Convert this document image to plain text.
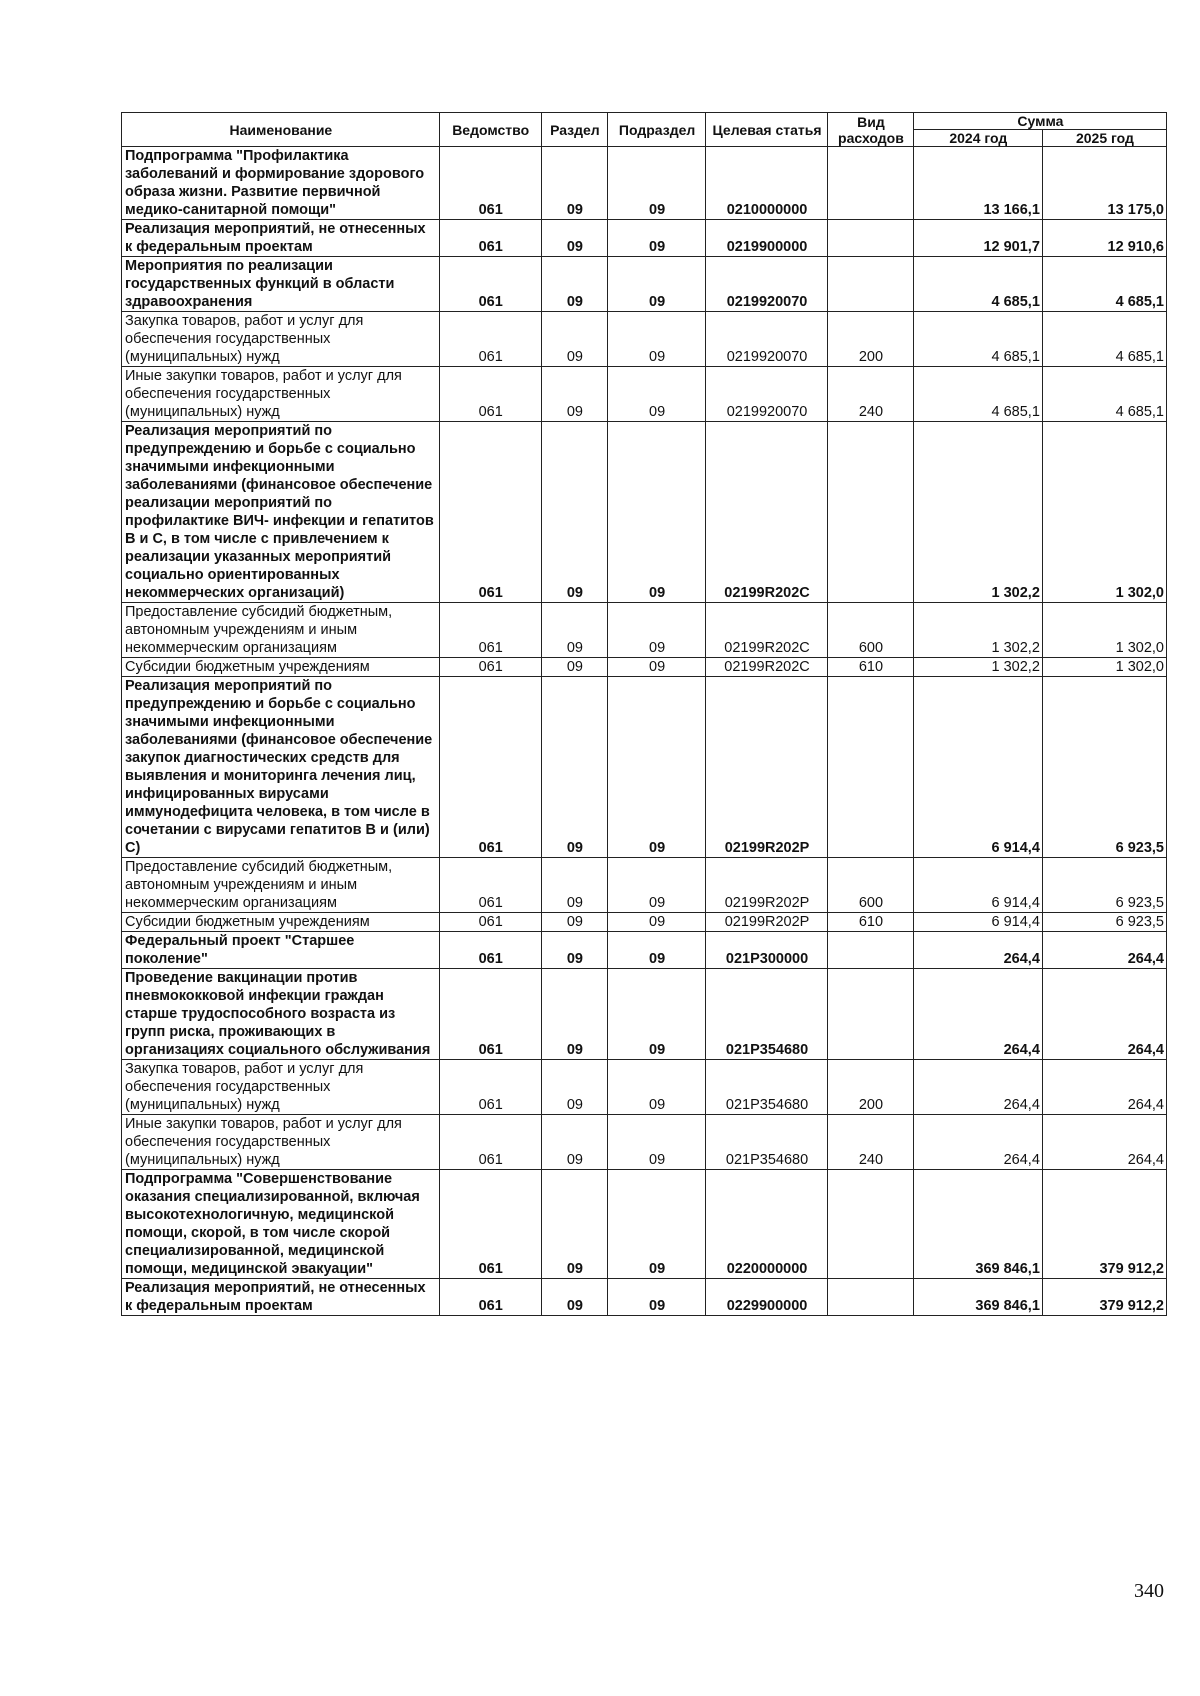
Наименование	Ведомство	Раздел	Подраздел	Целевая статья	Вид расходов	Сумма	
						2024 год	2025 год
Подпрограмма "Профилактика заболеваний и формирование здорового образа жизни. Развитие первичной медико-санитарной помощи"	061	09	09	0210000000		13 166,1	13 175,0
Реализация мероприятий, не отнесенных к федеральным проектам	061	09	09	0219900000		12 901,7	12 910,6
Мероприятия по реализации государственных функций в области здравоохранения	061	09	09	0219920070		4 685,1	4 685,1
Закупка товаров, работ и услуг для обеспечения государственных (муниципальных) нужд	061	09	09	0219920070	200	4 685,1	4 685,1
Иные закупки товаров, работ и услуг для обеспечения государственных (муниципальных) нужд	061	09	09	0219920070	240	4 685,1	4 685,1
Реализация мероприятий по предупреждению и борьбе с социально значимыми инфекционными заболеваниями (финансовое обеспечение реализации мероприятий по профилактике ВИЧ- инфекции и гепатитов В и С, в том числе с привлечением к реализации указанных мероприятий социально ориентированных некоммерческих организаций)	061	09	09	02199R202С		1 302,2	1 302,0
Предоставление субсидий бюджетным, автономным учреждениям и иным некоммерческим организациям	061	09	09	02199R202С	600	1 302,2	1 302,0
Субсидии бюджетным учреждениям	061	09	09	02199R202С	610	1 302,2	1 302,0
Реализация мероприятий по предупреждению и борьбе с социально значимыми инфекционными заболеваниями (финансовое обеспечение закупок диагностических средств для выявления и мониторинга лечения лиц, инфицированных вирусами иммунодефицита человека, в том числе в сочетании с вирусами гепатитов В и (или) С)	061	09	09	02199R202Р		6 914,4	6 923,5
Предоставление субсидий бюджетным, автономным учреждениям и иным некоммерческим организациям	061	09	09	02199R202Р	600	6 914,4	6 923,5
Субсидии бюджетным учреждениям	061	09	09	02199R202Р	610	6 914,4	6 923,5
Федеральный проект "Старшее поколение"	061	09	09	021P300000		264,4	264,4
Проведение вакцинации против пневмококковой инфекции граждан старше трудоспособного возраста из групп риска, проживающих в организациях социального обслуживания	061	09	09	021P354680		264,4	264,4
Закупка товаров, работ и услуг для обеспечения государственных (муниципальных) нужд	061	09	09	021P354680	200	264,4	264,4
Иные закупки товаров, работ и услуг для обеспечения государственных (муниципальных) нужд	061	09	09	021P354680	240	264,4	264,4
Подпрограмма "Совершенствование оказания специализированной, включая высокотехнологичную, медицинской помощи, скорой, в том числе скорой специализированной, медицинской помощи, медицинской эвакуации"	061	09	09	0220000000		369 846,1	379 912,2
Реализация мероприятий, не отнесенных к федеральным проектам	061	09	09	0229900000		369 846,1	379 912,2
340
